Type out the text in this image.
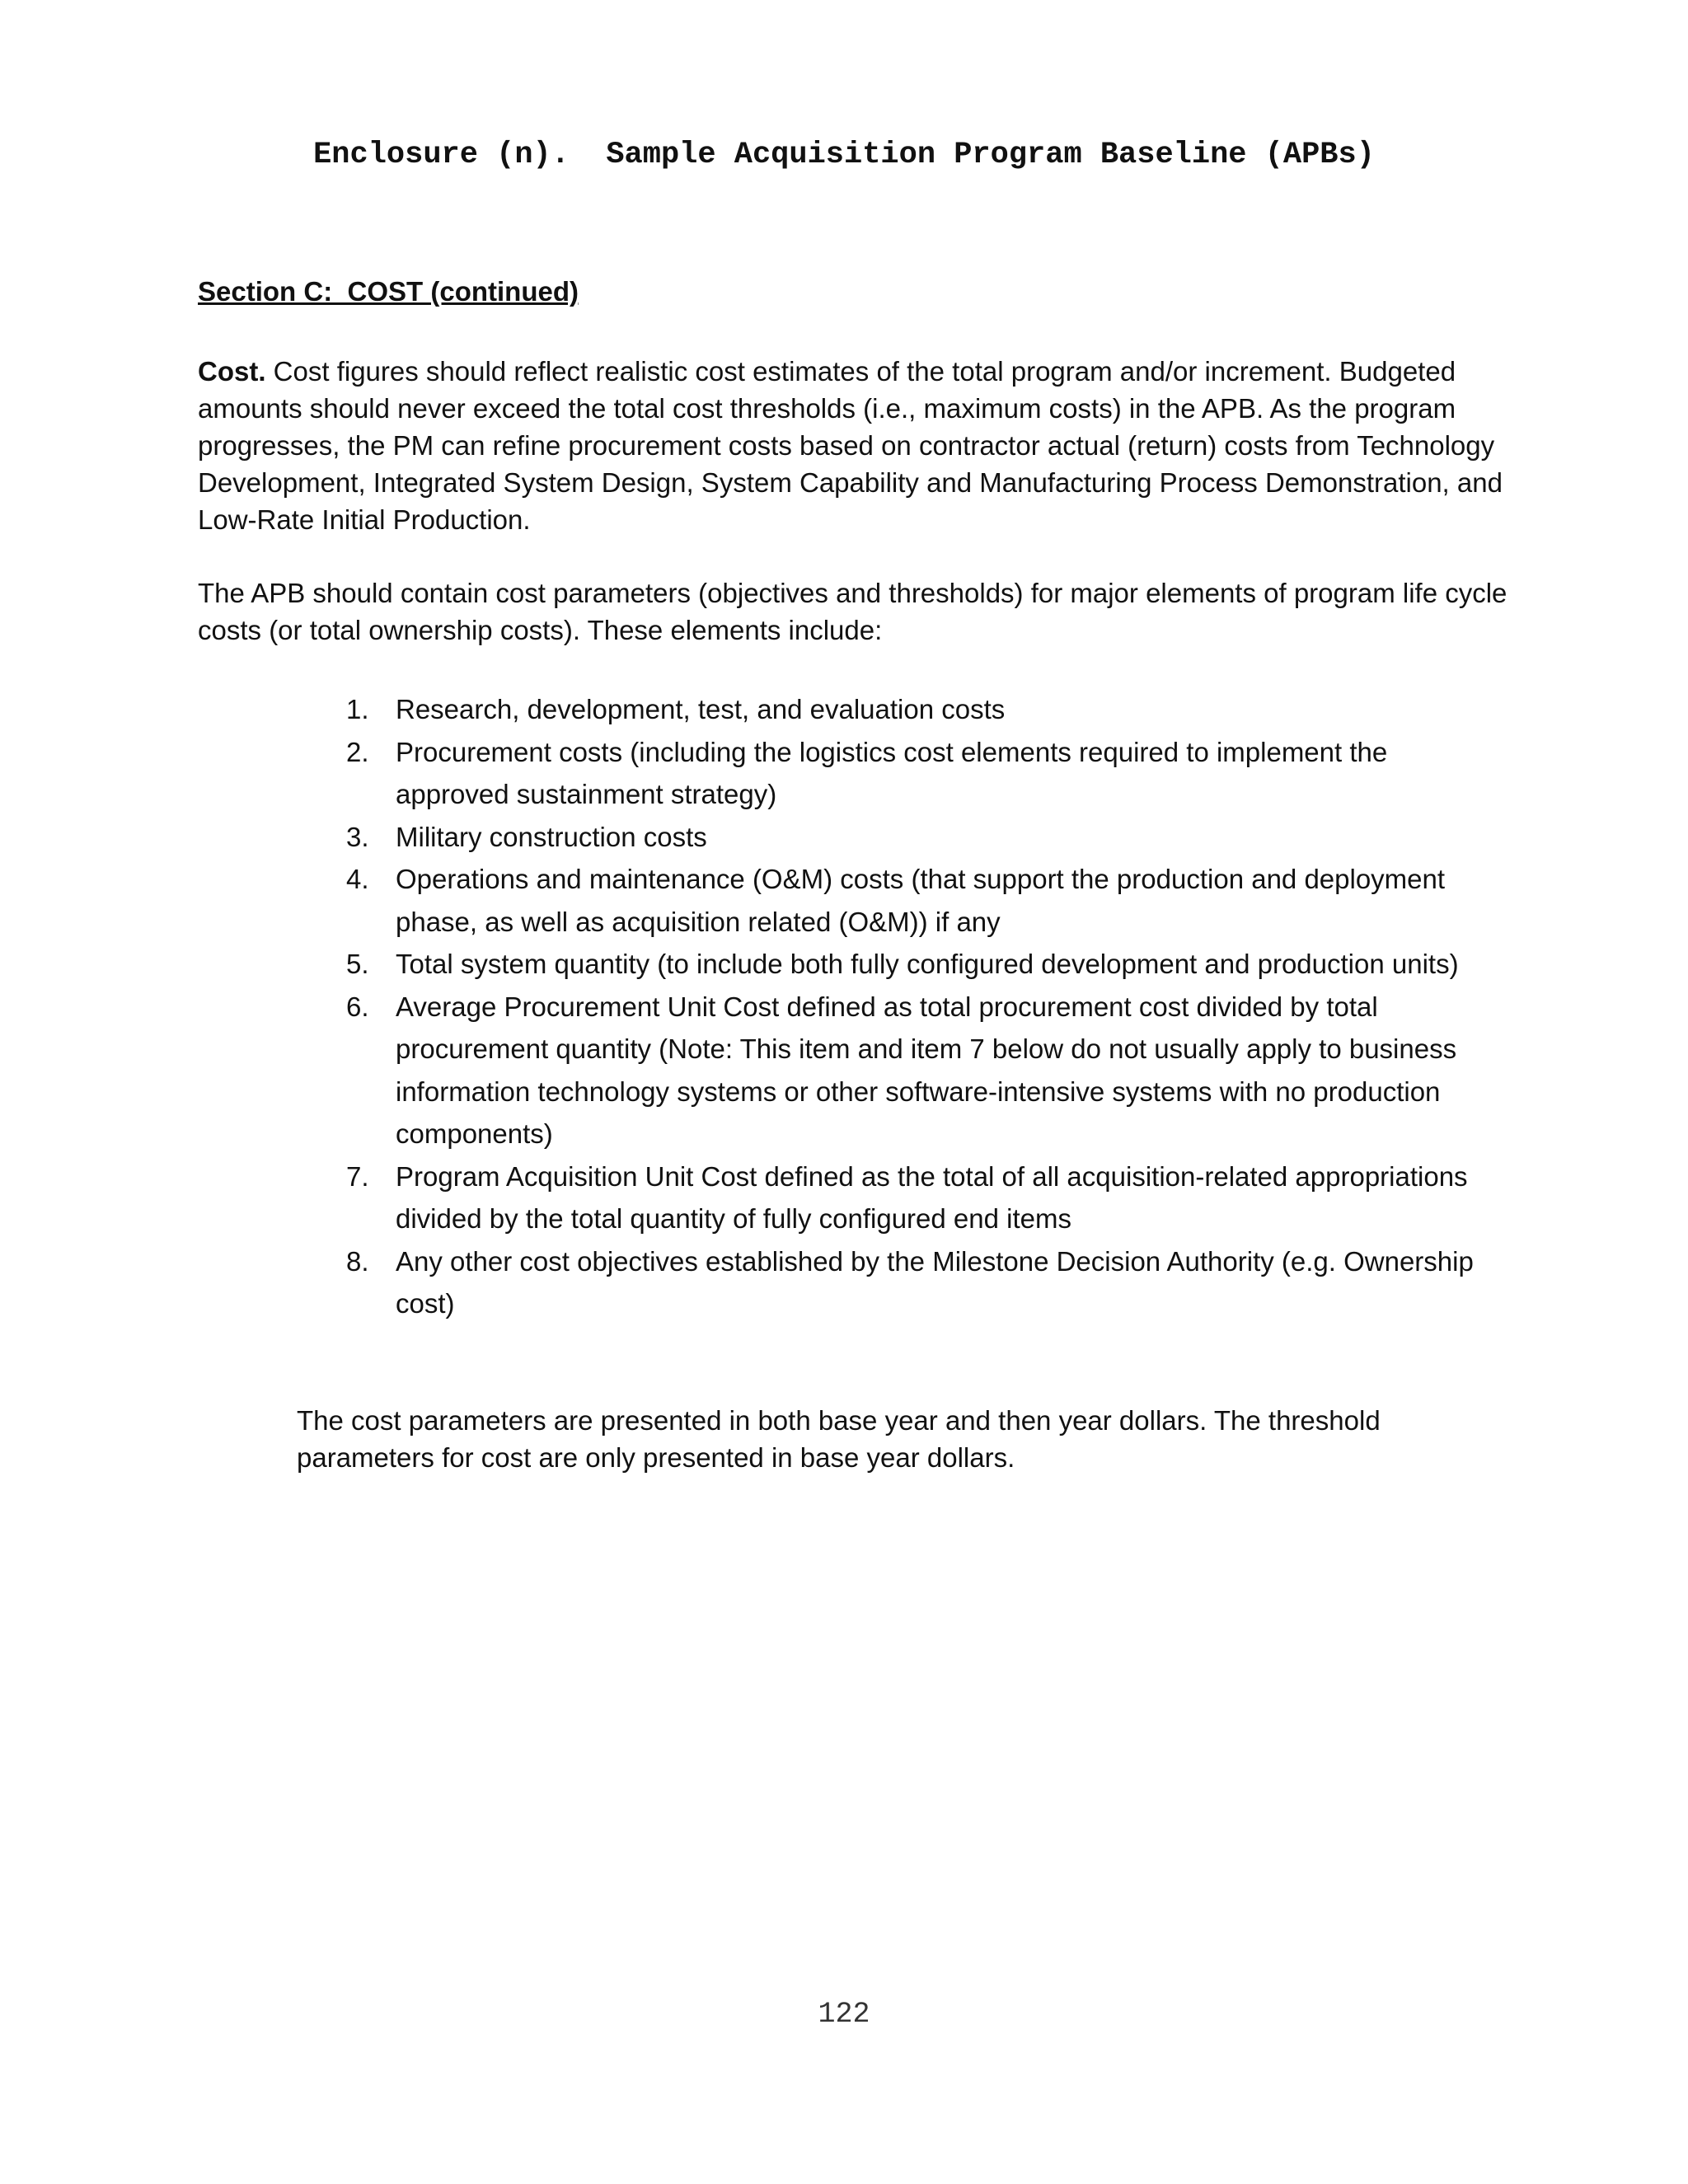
Enclosure (n).  Sample Acquisition Program Baseline (APBs)
Section C:  COST (continued)
Cost. Cost figures should reflect realistic cost estimates of the total program and/or increment. Budgeted amounts should never exceed the total cost thresholds (i.e., maximum costs) in the APB. As the program progresses, the PM can refine procurement costs based on contractor actual (return) costs from Technology Development, Integrated System Design, System Capability and Manufacturing Process Demonstration, and Low-Rate Initial Production.
The APB should contain cost parameters (objectives and thresholds) for major elements of program life cycle costs (or total ownership costs). These elements include:
1. Research, development, test, and evaluation costs
2. Procurement costs (including the logistics cost elements required to implement the approved sustainment strategy)
3. Military construction costs
4. Operations and maintenance (O&M) costs (that support the production and deployment phase, as well as acquisition related (O&M)) if any
5. Total system quantity (to include both fully configured development and production units)
6. Average Procurement Unit Cost defined as total procurement cost divided by total procurement quantity (Note: This item and item 7 below do not usually apply to business information technology systems or other software-intensive systems with no production components)
7. Program Acquisition Unit Cost defined as the total of all acquisition-related appropriations divided by the total quantity of fully configured end items
8. Any other cost objectives established by the Milestone Decision Authority (e.g. Ownership cost)
The cost parameters are presented in both base year and then year dollars. The threshold parameters for cost are only presented in base year dollars.
122
